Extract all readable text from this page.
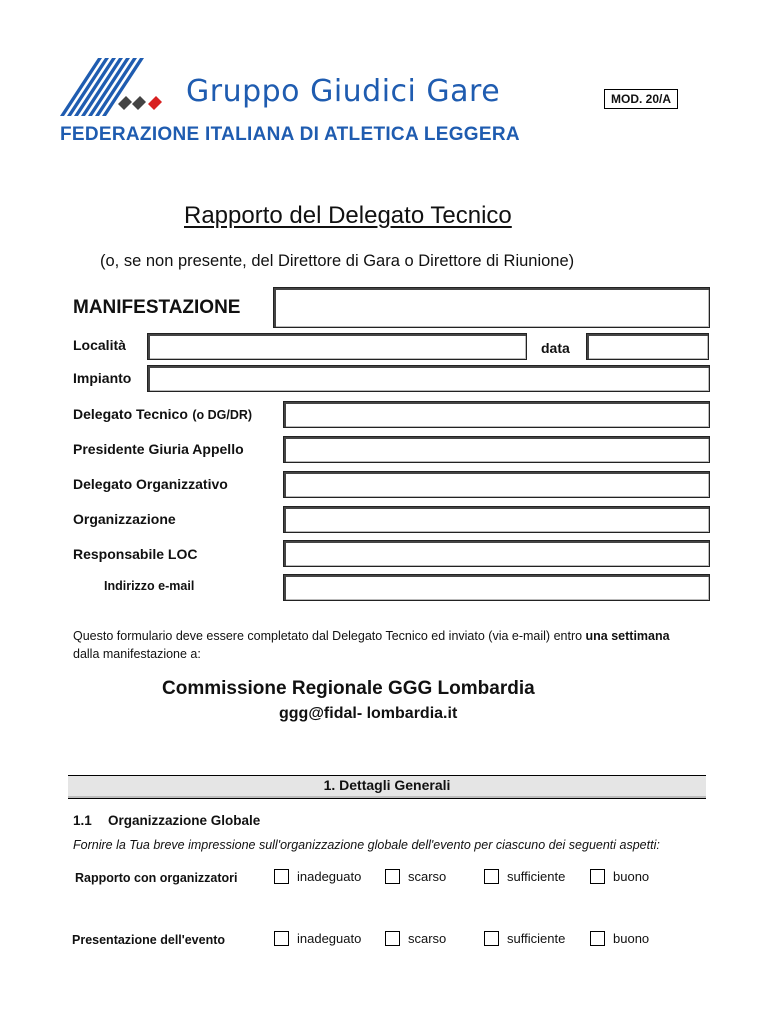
Gruppo Giudici Gare
FEDERAZIONE ITALIANA DI ATLETICA LEGGERA
MOD. 20/A
Rapporto del Delegato Tecnico
(o, se non presente, del Direttore di Gara o Direttore di Riunione)
MANIFESTAZIONE
Località	data
Impianto
Delegato Tecnico (o DG/DR)
Presidente Giuria Appello
Delegato Organizzativo
Organizzazione
Responsabile LOC
Indirizzo e-mail
Questo formulario deve essere completato dal Delegato Tecnico ed inviato (via e-mail) entro una settimana
dalla manifestazione a:
Commissione Regionale GGG Lombardia
ggg@fidal- lombardia.it
1. Dettagli Generali
1.1 Organizzazione Globale
Fornire la Tua breve impressione sull'organizzazione globale dell'evento per ciascuno dei seguenti aspetti:
Rapporto con organizzatori	inadeguato	scarso	sufficiente	buono
Presentazione dell'evento	inadeguato	scarso	sufficiente	buono
